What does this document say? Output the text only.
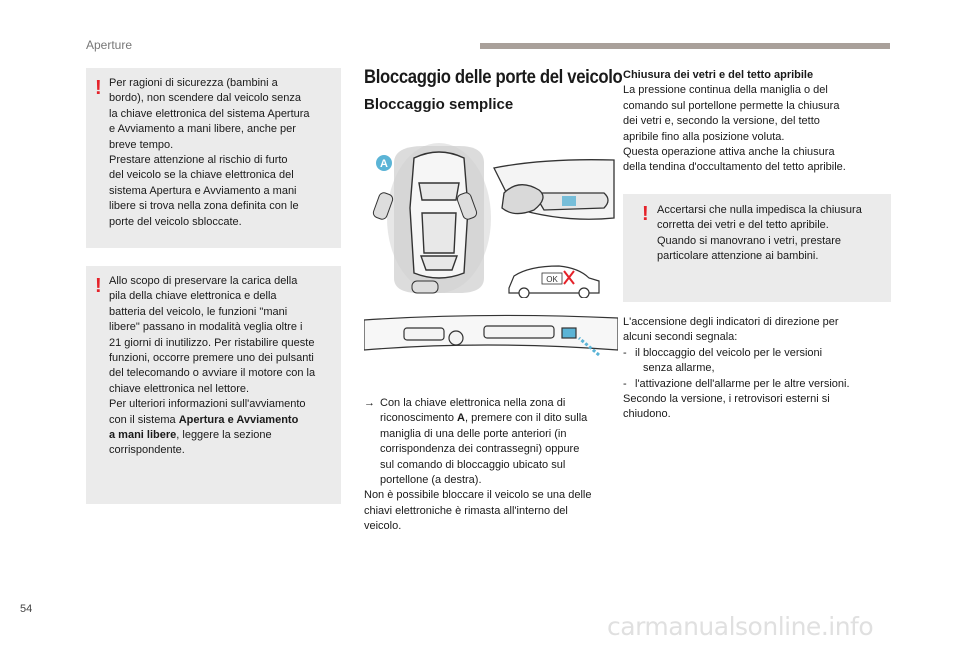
Aperture
! Per ragioni di sicurezza (bambini a

bordo), non scendere dal veicolo senza

la chiave elettronica del sistema Apertura

e Avviamento a mani libere, anche per

breve tempo.

Prestare attenzione al rischio di furto

del veicolo se la chiave elettronica del

sistema Apertura e Avviamento a mani

libere si trova nella zona definita con le

porte del veicolo sbloccate.

! Allo scopo di preservare la carica della

pila della chiave elettronica e della

batteria del veicolo, le funzioni "mani

libere" passano in modalità veglia oltre i

21 giorni di inutilizzo. Per ristabilire queste

funzioni, occorre premere uno dei pulsanti

del telecomando o avviare il motore con la

chiave elettronica nel lettore.

Per ulteriori informazioni sull'avviamento

con il sistema Apertura e Avviamento

a mani libere, leggere la sezione

corrispondente.

Bloccaggio delle porte del veicolo
Bloccaggio semplice
A
OK

→ Con la chiave elettronica nella zona di

riconoscimento A, premere con il dito sulla

maniglia di una delle porte anteriori (in

corrispondenza dei contrassegni) oppure

sul comando di bloccaggio ubicato sul

portellone (a destra).

Non è possibile bloccare il veicolo se una delle

chiavi elettroniche è rimasta all'interno del

veicolo.

Chiusura dei vetri e del tetto apribile

La pressione continua della maniglia o del

comando sul portellone permette la chiusura

dei vetri e, secondo la versione, del tetto

apribile fino alla posizione voluta.

Questa operazione attiva anche la chiusura

della tendina d'occultamento del tetto apribile.

! Accertarsi che nulla impedisca la chiusura

corretta dei vetri e del tetto apribile.

Quando si manovrano i vetri, prestare

particolare attenzione ai bambini.

L'accensione degli indicatori di direzione per

alcuni secondi segnala:

- il bloccaggio del veicolo per le versioni

senza allarme,

- l'attivazione dell'allarme per le altre versioni.

Secondo la versione, i retrovisori esterni si

chiudono.

54
carmanualsonline.info
